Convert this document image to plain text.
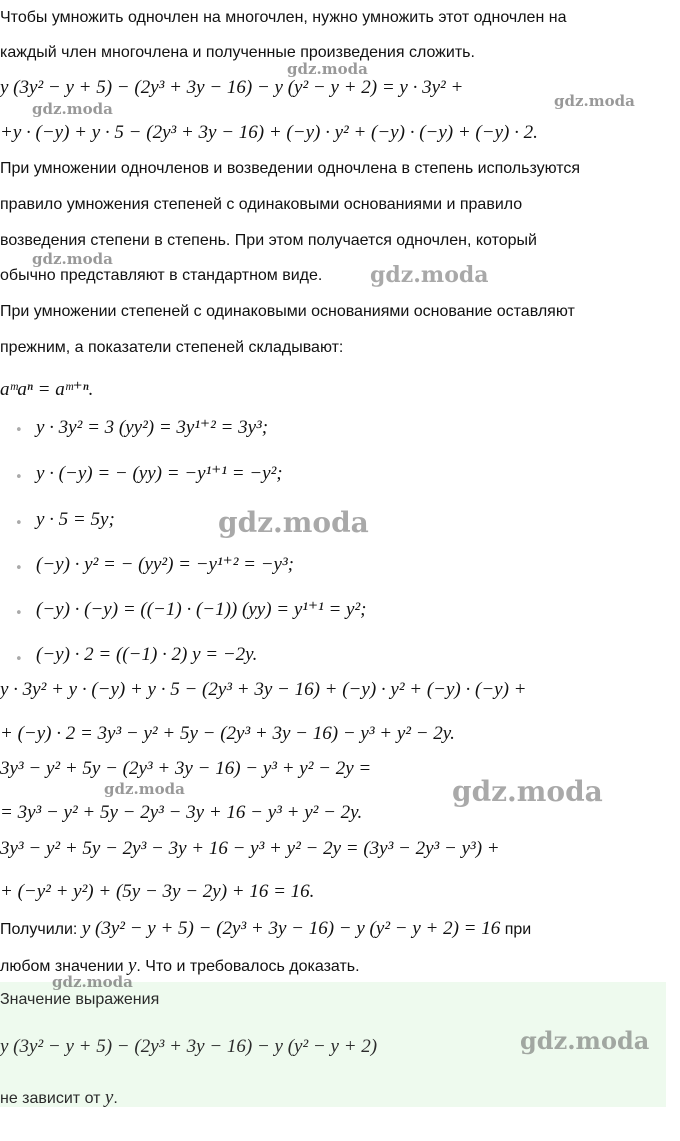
Чтобы умножить одночлен на многочлен, нужно умножить этот одночлен на
каждый член многочлена и полученные произведения сложить.
y (3y² − y + 5) − (2y³ + 3y − 16) − y (y² − y + 2) = y · 3y² +
+y · (−y) + y · 5 − (2y³ + 3y − 16) + (−y) · y² + (−y) · (−y) + (−y) · 2.
При умножении одночленов и возведении одночлена в степень используются
правило умножения степеней с одинаковыми основаниями и правило
возведения степени в степень. При этом получается одночлен, который
обычно представляют в стандартном виде.
При умножении степеней с одинаковыми основаниями основание оставляют
прежним, а показатели степеней складывают:
aᵐaⁿ = aᵐ⁺ⁿ.
• y · 3y² = 3 (yy²) = 3y¹⁺² = 3y³;
• y · (−y) = − (yy) = −y¹⁺¹ = −y²;
• y · 5 = 5y;
• (−y) · y² = − (yy²) = −y¹⁺² = −y³;
• (−y) · (−y) = ((−1) · (−1)) (yy) = y¹⁺¹ = y²;
• (−y) · 2 = ((−1) · 2) y = −2y.
y · 3y² + y · (−y) + y · 5 − (2y³ + 3y − 16) + (−y) · y² + (−y) · (−y) +
+ (−y) · 2 = 3y³ − y² + 5y − (2y³ + 3y − 16) − y³ + y² − 2y.
3y³ − y² + 5y − (2y³ + 3y − 16) − y³ + y² − 2y =
= 3y³ − y² + 5y − 2y³ − 3y + 16 − y³ + y² − 2y.
3y³ − y² + 5y − 2y³ − 3y + 16 − y³ + y² − 2y = (3y³ − 2y³ − y³) +
+ (−y² + y²) + (5y − 3y − 2y) + 16 = 16.
Получили: y (3y² − y + 5) − (2y³ + 3y − 16) − y (y² − y + 2) = 16 при
любом значении y. Что и требовалось доказать.
Значение выражения
y (3y² − y + 5) − (2y³ + 3y − 16) − y (y² − y + 2)
не зависит от y.
gdz.moda
gdz.moda	gdz.moda
gdz.moda
gdz.moda
gdz.moda
gdz.moda	gdz.moda
gdz.moda
gdz.moda
